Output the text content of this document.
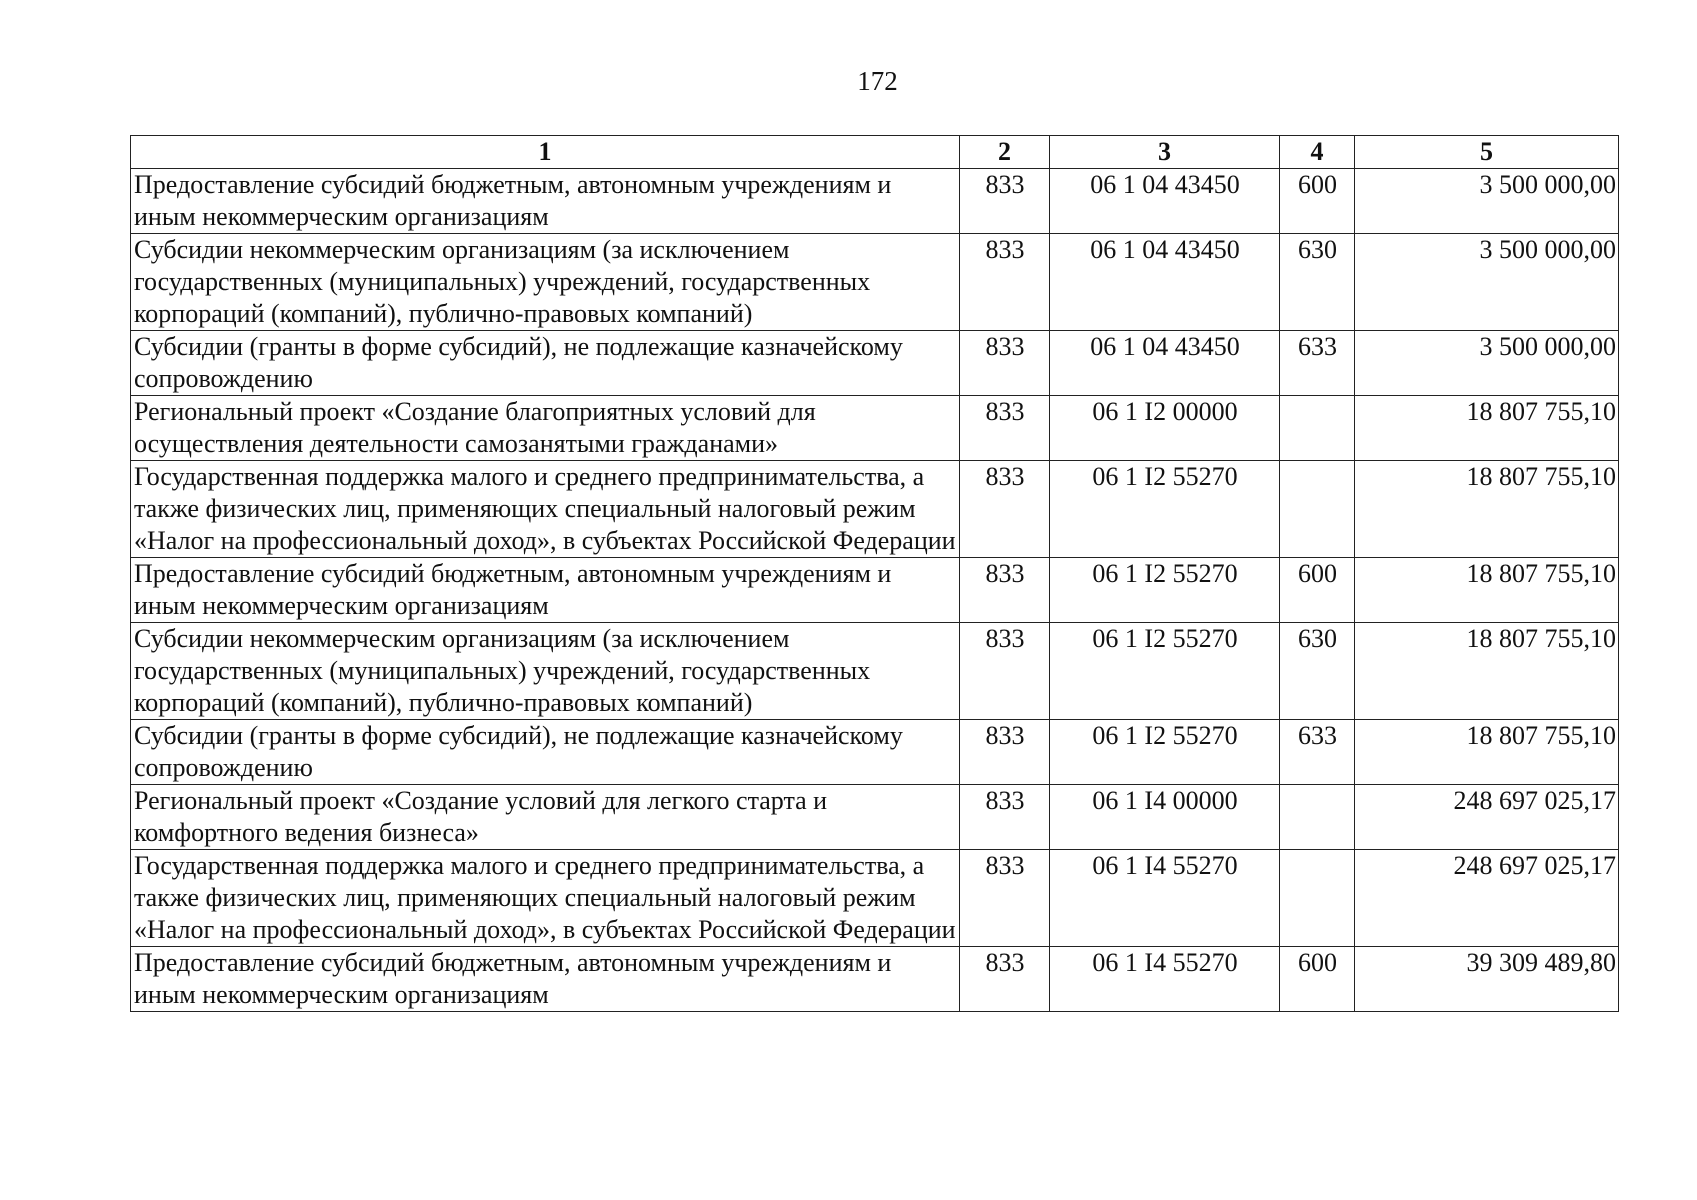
172
1	2	3	4	5
Предоставление субсидий бюджетным, автономным учреждениям и иным некоммерческим организациям	833	06 1 04 43450	600	3 500 000,00
Субсидии некоммерческим организациям (за исключением государственных (муниципальных) учреждений, государственных корпораций (компаний), публично-правовых компаний)	833	06 1 04 43450	630	3 500 000,00
Субсидии (гранты в форме субсидий), не подлежащие казначейскому сопровождению	833	06 1 04 43450	633	3 500 000,00
Региональный проект «Создание благоприятных условий для осуществления деятельности самозанятыми гражданами»	833	06 1 I2 00000		18 807 755,10
Государственная поддержка малого и среднего предпринимательства, а также физических лиц, применяющих специальный налоговый режим «Налог на профессиональный доход», в субъектах Российской Федерации	833	06 1 I2 55270		18 807 755,10
Предоставление субсидий бюджетным, автономным учреждениям и иным некоммерческим организациям	833	06 1 I2 55270	600	18 807 755,10
Субсидии некоммерческим организациям (за исключением государственных (муниципальных) учреждений, государственных корпораций (компаний), публично-правовых компаний)	833	06 1 I2 55270	630	18 807 755,10
Субсидии (гранты в форме субсидий), не подлежащие казначейскому сопровождению	833	06 1 I2 55270	633	18 807 755,10
Региональный проект «Создание условий для легкого старта и комфортного ведения бизнеса»	833	06 1 I4 00000		248 697 025,17
Государственная поддержка малого и среднего предпринимательства, а также физических лиц, применяющих специальный налоговый режим «Налог на профессиональный доход», в субъектах Российской Федерации	833	06 1 I4 55270		248 697 025,17
Предоставление субсидий бюджетным, автономным учреждениям и иным некоммерческим организациям	833	06 1 I4 55270	600	39 309 489,80
